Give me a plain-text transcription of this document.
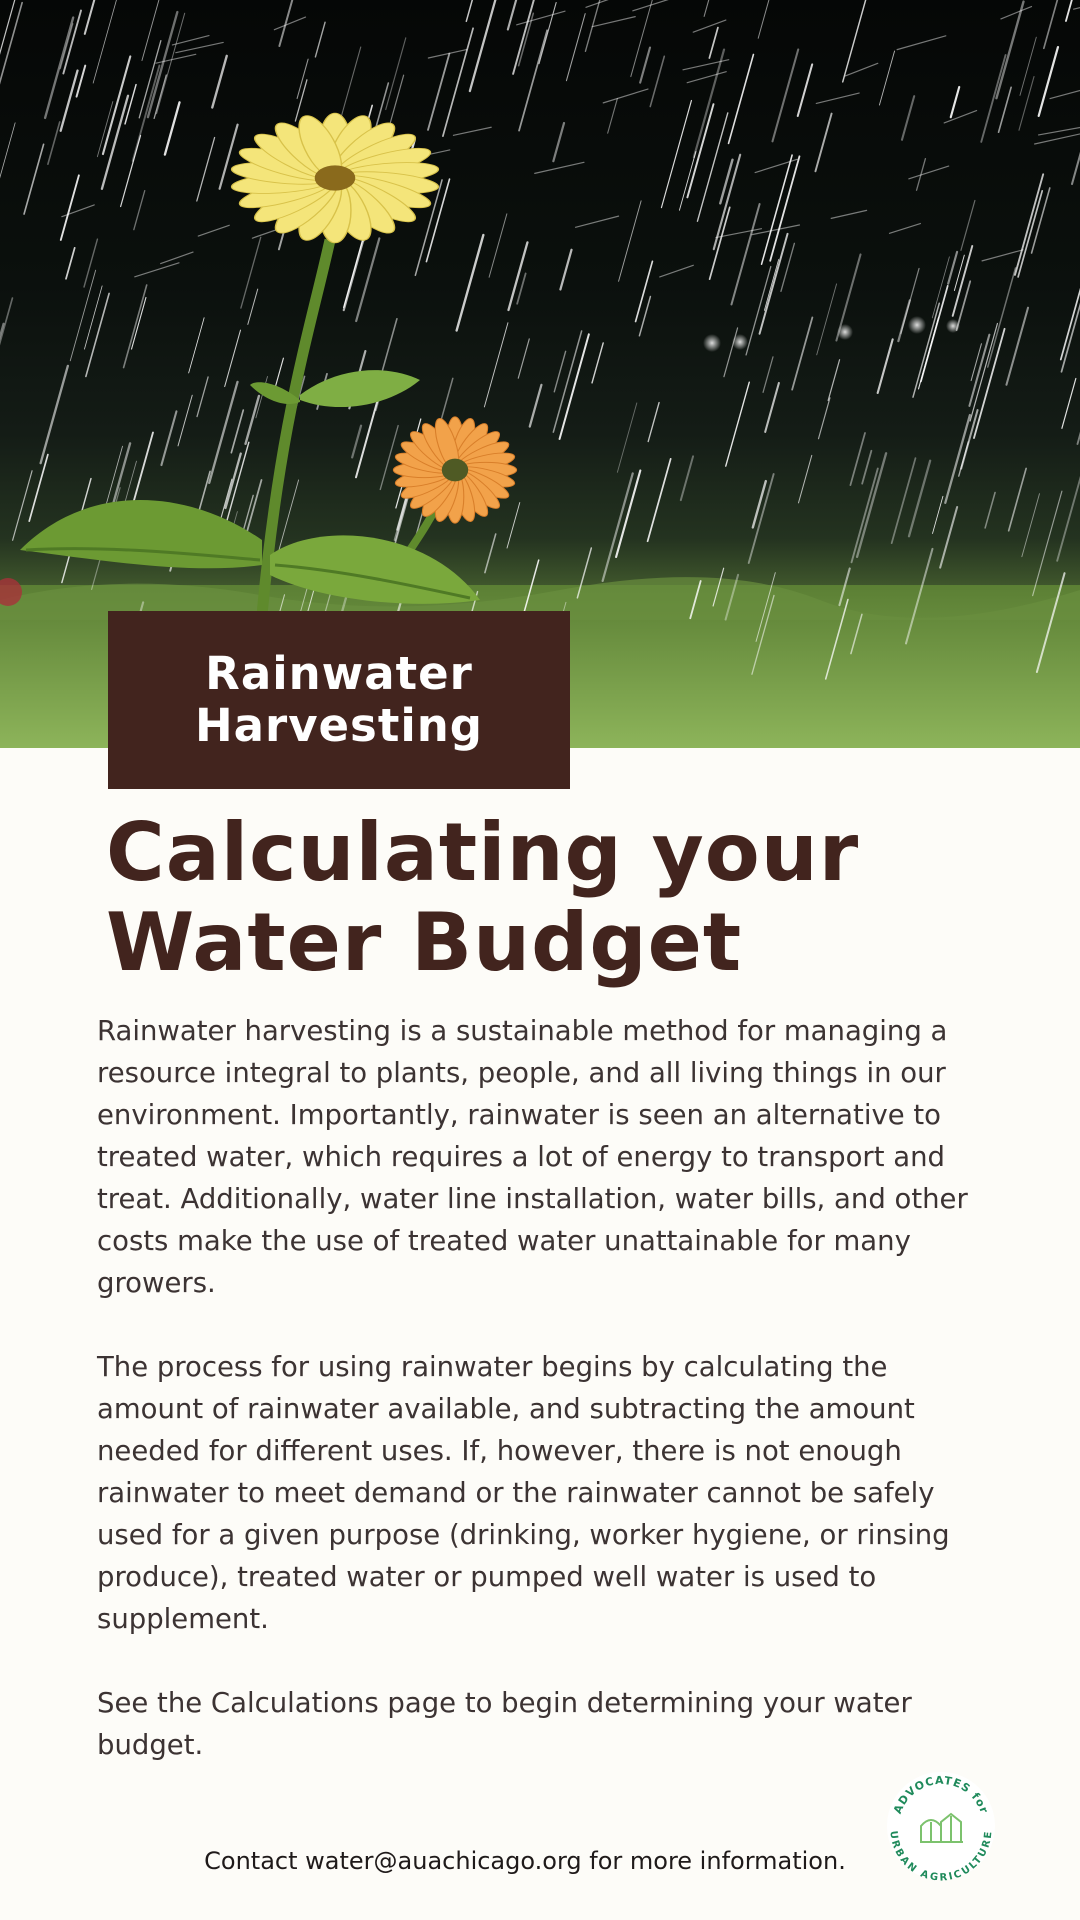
Rainwater
Harvesting
Calculating your
Water Budget

Rainwater harvesting is a sustainable method for managing a resource integral to plants, people, and all living things in our environment. Importantly, rainwater is seen an alternative to treated water, which requires a lot of energy to transport and treat. Additionally, water line installation, water bills, and other costs make the use of treated water unattainable for many growers.

The process for using rainwater begins by calculating the amount of rainwater available, and subtracting the amount needed for different uses. If, however, there is not enough rainwater to meet demand or the rainwater cannot be safely used for a given purpose (drinking, worker hygiene, or rinsing produce), treated water or pumped well water is used to supplement.

See the Calculations page to begin determining your water budget.

ADVOCATES for
URBAN AGRICULTURE
Contact water@auachicago.org for more information.
